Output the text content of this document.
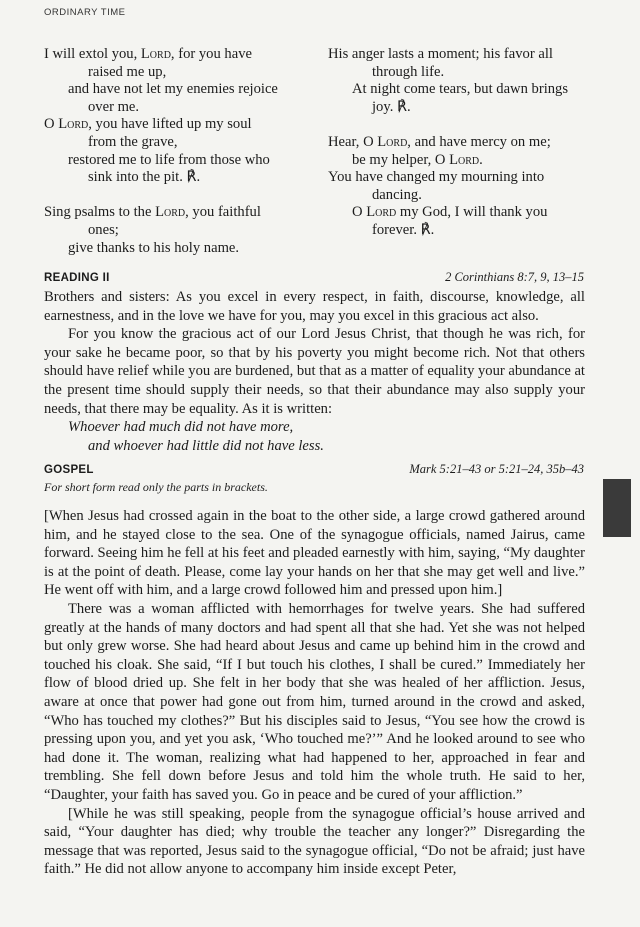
ORDINARY TIME
I will extol you, Lord, for you have
raised me up,
and have not let my enemies rejoice
over me.
O Lord, you have lifted up my soul
from the grave,
restored me to life from those who
sink into the pit. ℟.
Sing psalms to the Lord, you faithful
ones;
give thanks to his holy name.
His anger lasts a moment; his favor all
through life.
At night come tears, but dawn brings
joy. ℟.
Hear, O Lord, and have mercy on me;
be my helper, O Lord.
You have changed my mourning into
dancing.
O Lord my God, I will thank you
forever. ℟.
READING II	2 Corinthians 8:7, 9, 13–15

Brothers and sisters: As you excel in every respect, in faith, discourse, knowledge, all earnestness, and in the love we have for you, may you excel in this gracious act also.

For you know the gracious act of our Lord Jesus Christ, that though he was rich, for your sake he became poor, so that by his poverty you might become rich. Not that others should have relief while you are burdened, but that as a matter of equality your abundance at the present time should supply their needs, so that their abundance may also supply your needs, that there may be equality. As it is written:

Whoever had much did not have more,
and whoever had little did not have less.
GOSPEL	Mark 5:21–43 or 5:21–24, 35b–43
For short form read only the parts in brackets.

[When Jesus had crossed again in the boat to the other side, a large crowd gathered around him, and he stayed close to the sea. One of the synagogue officials, named Jairus, came forward. Seeing him he fell at his feet and pleaded earnestly with him, saying, “My daughter is at the point of death. Please, come lay your hands on her that she may get well and live.” He went off with him, and a large crowd followed him and pressed upon him.]

There was a woman afflicted with hemorrhages for twelve years. She had suffered greatly at the hands of many doctors and had spent all that she had. Yet she was not helped but only grew worse. She had heard about Jesus and came up behind him in the crowd and touched his cloak. She said, “If I but touch his clothes, I shall be cured.” Immediately her flow of blood dried up. She felt in her body that she was healed of her affliction. Jesus, aware at once that power had gone out from him, turned around in the crowd and asked, “Who has touched my clothes?” But his disciples said to Jesus, “You see how the crowd is pressing upon you, and yet you ask, ‘Who touched me?’” And he looked around to see who had done it. The woman, realizing what had happened to her, approached in fear and trembling. She fell down before Jesus and told him the whole truth. He said to her, “Daughter, your faith has saved you. Go in peace and be cured of your affliction.”

[While he was still speaking, people from the synagogue official’s house arrived and said, “Your daughter has died; why trouble the teacher any longer?” Disregarding the message that was reported, Jesus said to the synagogue official, “Do not be afraid; just have faith.” He did not allow anyone to accompany him inside except Peter,
